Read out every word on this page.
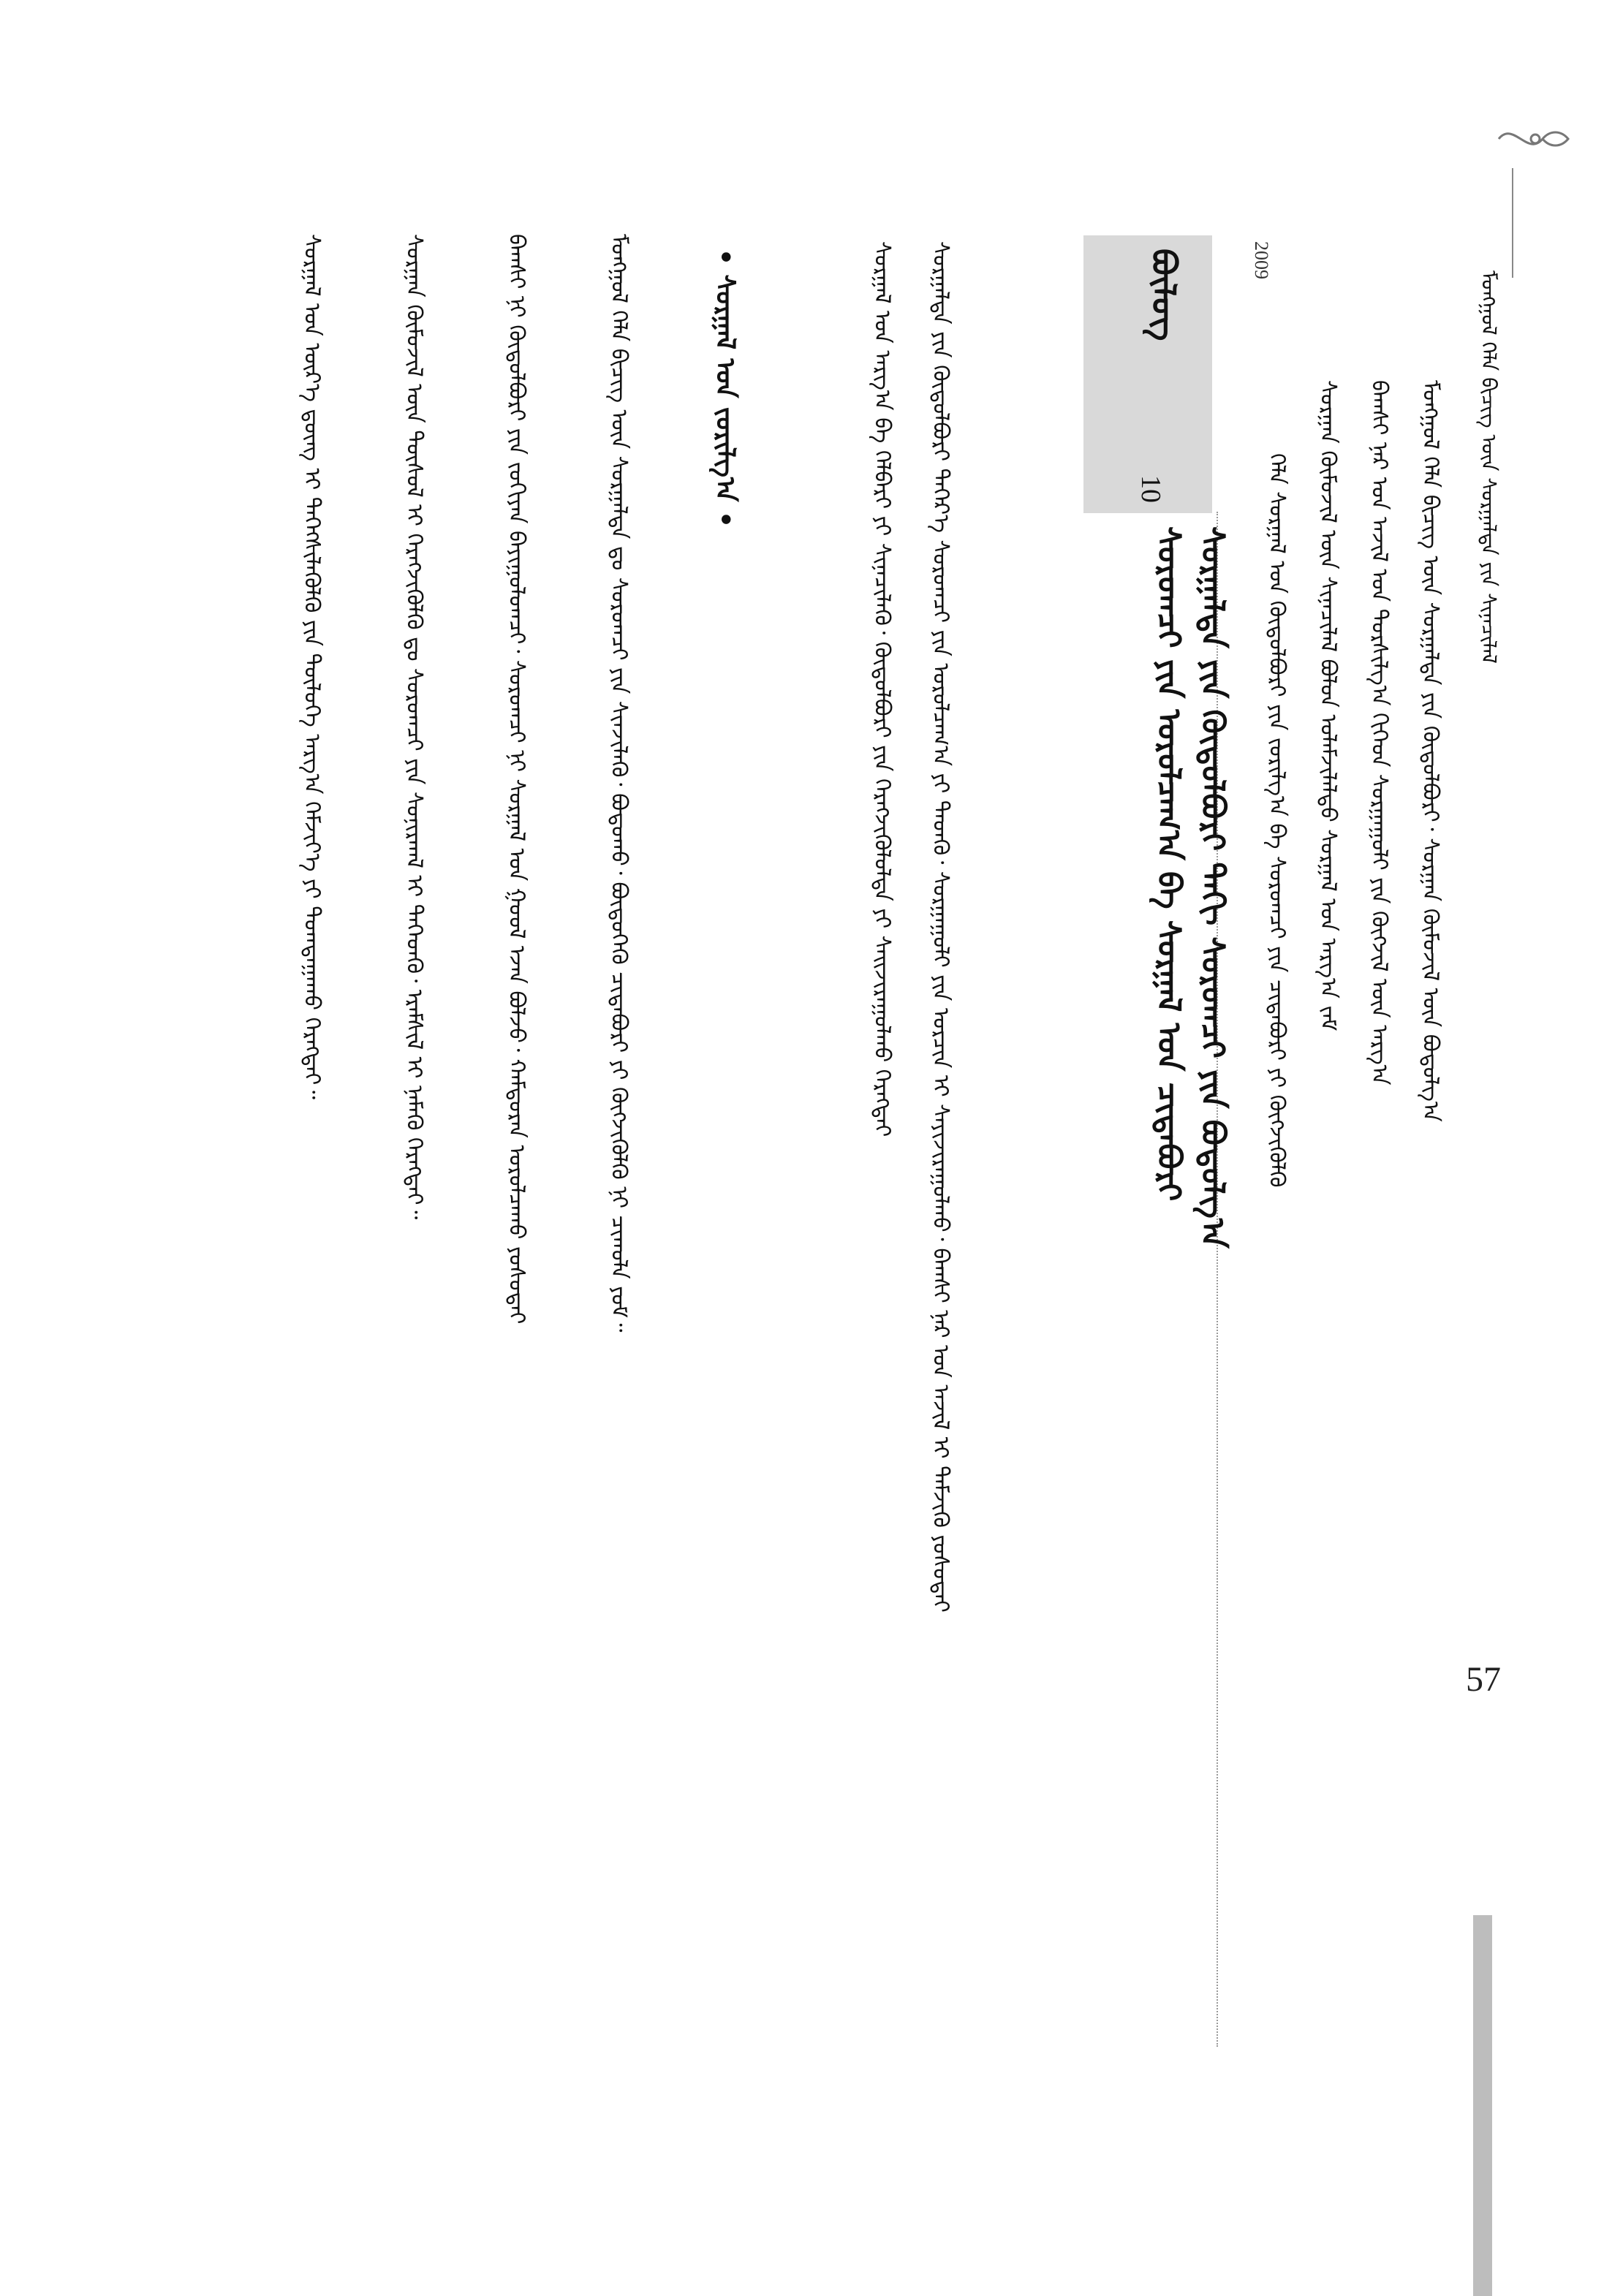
ᠮᠣᠩᠭᠣᠯ ᠬᠡᠯᠡ ᠪᠢᠴᠢᠭ᠌ ᠦᠨ ᠰᠤᠷᠭᠠᠯᠲᠠ ᠶᠢᠨ ᠰᠢᠨᠡᠴᠢᠯᠡᠯ
ᠮᠣᠩᠭᠣᠯ ᠬᠡᠯᠡ ᠪᠢᠴᠢᠭ᠌ ᠦᠨ ᠰᠤᠷᠭᠠᠯᠲᠠ ᠶᠢᠨ ᠬᠥᠲᠥᠯᠪᠦᠷᠢ᠂ ᠰᠤᠷᠭᠠᠨ ᠬᠥᠮᠦᠵᠢᠯ ᠦᠨ ᠪᠣᠳᠣᠯᠭ᠎ᠠ
ᠪᠠᠭᠰᠢ ᠨᠠᠷ ᠤᠨ ᠠᠵᠢᠯ ᠤᠨ ᠲᠤᠷᠰᠢᠯᠭ᠎ᠠ ᠬᠢᠭᠡᠳ ᠰᠤᠷᠭᠠᠭᠤᠯᠢ ᠶᠢᠨ ᠬᠥᠭᠵᠢᠯ ᠦᠨ ᠠᠷᠭ᠎ᠠ
ᠰᠤᠷᠭᠠᠨ ᠬᠦᠮᠦᠵᠢᠯ ᠦᠨ ᠰᠢᠨᠡᠴᠢᠯᠡᠯ ᠪᠣᠯᠤᠨ ᠤᠯᠠᠮᠵᠢᠯᠠᠯᠲᠤ ᠰᠤᠷᠭᠠᠯ ᠤᠨ ᠠᠷᠭ᠎ᠠ ᠵᠠᠮ
ᠬᠡᠯᠡ ᠰᠤᠷᠭᠠᠯ ᠤᠨ ᠬᠥᠲᠥᠯᠪᠦᠷᠢ ᠶᠢᠨ ᠵᠣᠷᠢᠯᠭ᠎ᠠ ᠪᠠ ᠰᠤᠷᠤᠭᠴᠢ ᠶᠢᠨ ᠴᠢᠳᠠᠪᠤᠷᠢ ᠶᠢ ᠬᠥᠭᠵᠢᠭᠦᠯᠬᠦ
2009
ᠪᠦᠯᠦᠭ
10
ᠰᠤᠷᠭᠠᠯᠲᠠ ᠶᠢᠨ ᠬᠥᠲᠥᠯᠪᠦᠷᠢ ᠳᠠᠬᠢ ᠰᠤᠷᠤᠭᠴᠢ ᠶᠢᠨ ᠪᠣᠳᠣᠯᠭ᠎ᠠ
ᠰᠤᠷᠤᠭᠴᠢ ᠶᠢᠨ ᠣᠷᠣᠯᠴᠠᠭ᠎ᠠ ᠪᠠ ᠰᠤᠷᠭᠠᠯ ᠤᠨ ᠴᠢᠳᠠᠪᠤᠷᠢ
ᠰᠤᠷᠭᠠᠯᠲᠠ ᠶᠢᠨ ᠬᠥᠲᠥᠯᠪᠦᠷᠢ ᠳᠡᠭᠡᠷ᠎ᠡ ᠰᠤᠷᠤᠭᠴᠢ ᠶᠢᠨ ᠣᠷᠣᠯᠴᠠᠭ᠎ᠠ ᠶᠢ ᠳᠡᠳᠬᠦ᠂ ᠰᠤᠷᠭᠠᠭᠤᠯᠢ ᠶᠢᠨ ᠣᠷᠴᠢᠨ ᠢ ᠰᠠᠶᠢᠵᠢᠷᠠᠭᠤᠯᠬᠤ᠂ ᠪᠠᠭᠰᠢ ᠨᠠᠷ ᠤᠨ ᠠᠵᠢᠯ ᠢ ᠳᠡᠮᠵᠢᠬᠦ ᠶᠣᠰᠣᠲᠠᠢ
ᠰᠤᠷᠭᠠᠯ ᠤᠨ ᠠᠷᠭ᠎ᠠ ᠪᠠ ᠬᠡᠯᠪᠡᠷᠢ ᠶᠢ ᠰᠢᠨᠡᠴᠢᠯᠡᠬᠦ᠂ ᠬᠥᠲᠥᠯᠪᠦᠷᠢ ᠶᠢᠨ ᠬᠡᠷᠡᠭᠵᠢᠭᠦᠯᠦᠯᠲᠡ ᠶᠢ ᠰᠠᠢᠵᠢᠷᠠᠭᠤᠯᠬᠤ ᠬᠡᠷᠡᠭᠲᠡᠢ
• ᠰᠤᠷᠭᠠᠯ ᠤᠨ ᠵᠣᠷᠢᠯᠭ᠎ᠠ •
ᠮᠣᠩᠭᠣᠯ ᠬᠡᠯᠡ ᠪᠢᠴᠢᠭ᠌ ᠦᠨ ᠰᠤᠷᠭᠠᠯᠲᠠ ᠳᠤ ᠰᠤᠷᠤᠭᠴᠢ ᠶᠢᠨ ᠰᠢᠨᠵᠢᠯᠡᠬᠦ᠂ ᠪᠣᠳᠣᠬᠤ᠂ ᠪᠦᠲᠦᠭᠡᠬᠦ ᠴᠢᠳᠠᠪᠤᠷᠢ ᠶᠢ ᠬᠥᠭᠵᠢᠭᠦᠯᠬᠦ ᠨᠢ ᠴᠢᠬᠤᠯᠠ ᠶᠤᠮ᠃
ᠪᠠᠭᠰᠢ ᠨᠢ ᠬᠥᠲᠥᠯᠪᠦᠷᠢ ᠶᠢᠨ ᠵᠣᠬᠢᠶᠠᠨ ᠪᠠᠶᠢᠭᠤᠯᠤᠭᠴᠢ᠂ ᠰᠤᠷᠤᠭᠴᠢ ᠨᠢ ᠰᠤᠷᠭᠠᠯ ᠤᠨ ᠭᠣᠣᠯ ᠡᠵᠡᠨ ᠪᠣᠯᠵᠤ᠂ ᠬᠠᠮᠲᠤᠷᠠᠨ ᠣᠷᠣᠯᠴᠠᠬᠤ ᠶᠣᠰᠣᠲᠠᠢ
ᠰᠤᠷᠭᠠᠨ ᠬᠥᠮᠦᠵᠢᠯ ᠦᠨ ᠲᠥᠰᠦᠯ ᠢ ᠬᠡᠷᠡᠭᠵᠢᠭᠦᠯᠬᠦ ᠳᠤ ᠰᠤᠷᠤᠭᠴᠢ ᠶᠢᠨ ᠰᠣᠨᠢᠷᠬᠠᠯ ᠢ ᠳᠡᠭᠡᠳᠬᠦ᠂ ᠡᠷᠡᠮᠰᠢᠯ ᠢ ᠨᠡᠮᠡᠬᠦ ᠬᠡᠷᠡᠭᠲᠡᠢ᠃
ᠰᠤᠷᠭᠠᠯ ᠤᠨ ᠦᠷ᠎ᠡ ᠳ᠋ᠦᠩ ᠢ ᠳᠡᠭᠡᠭᠰᠢᠯᠡᠭᠦᠯᠬᠦ ᠶᠢᠨ ᠲᠥᠯᠦᠭᠡ ᠠᠷᠭ᠎ᠠ ᠬᠡᠮᠵᠢᠶ᠎ᠡ ᠶᠢ ᠲᠣᠭᠲᠠᠭᠠᠬᠤ ᠬᠡᠷᠡᠭᠲᠡᠢ᠃
57
